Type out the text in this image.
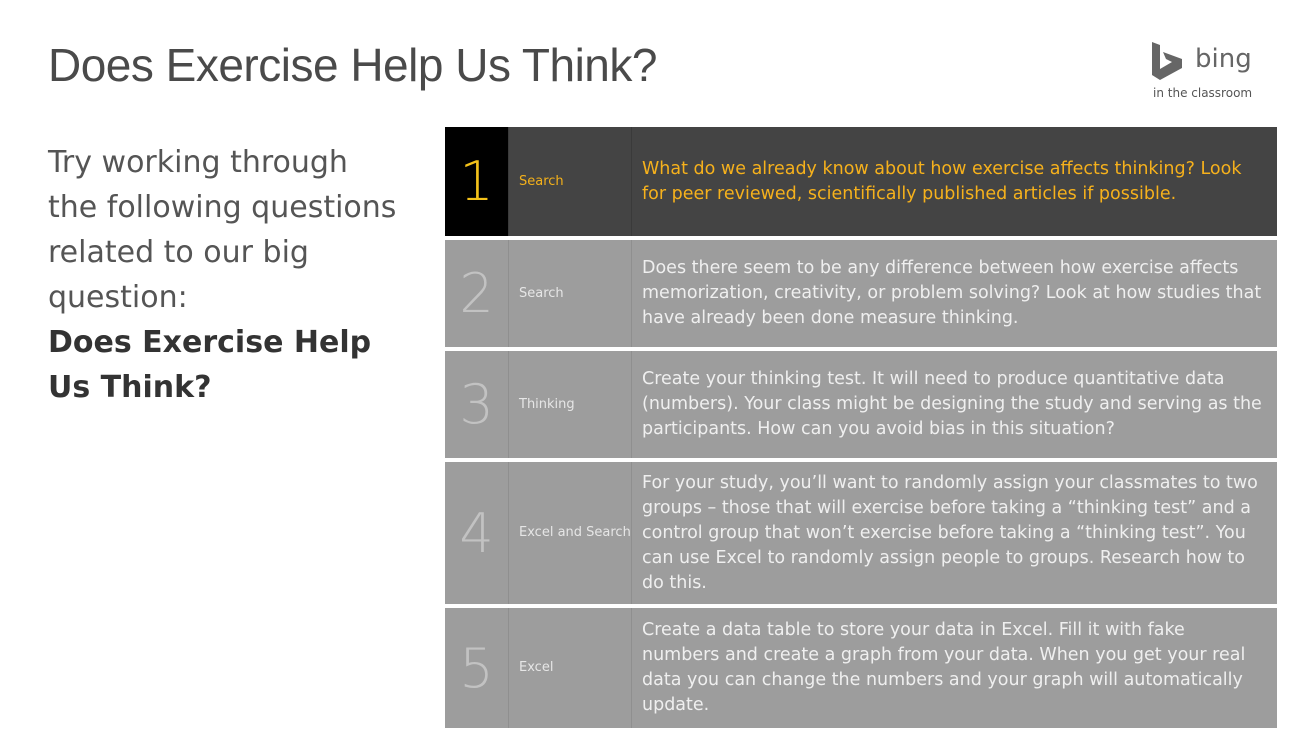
Does Exercise Help Us Think?	bing
in the classroom

Try working through the following questions related to our big question:
Does Exercise Help Us Think?

1	Search
What do we already know about how exercise affects thinking? Look for peer reviewed, scientifically published articles if possible.
2	Search
Does there seem to be any difference between how exercise affects memorization, creativity, or problem solving? Look at how studies that have already been done measure thinking.
3	Thinking
Create your thinking test. It will need to produce quantitative data (numbers). Your class might be designing the study and serving as the participants. How can you avoid bias in this situation?
4	Excel and Search
For your study, you’ll want to randomly assign your classmates to two groups – those that will exercise before taking a “thinking test” and a control group that won’t exercise before taking a “thinking test”. You can use Excel to randomly assign people to groups. Research how to do this.
5	Excel
Create a data table to store your data in Excel. Fill it with fake numbers and create a graph from your data. When you get your real data you can change the numbers and your graph will automatically update.
